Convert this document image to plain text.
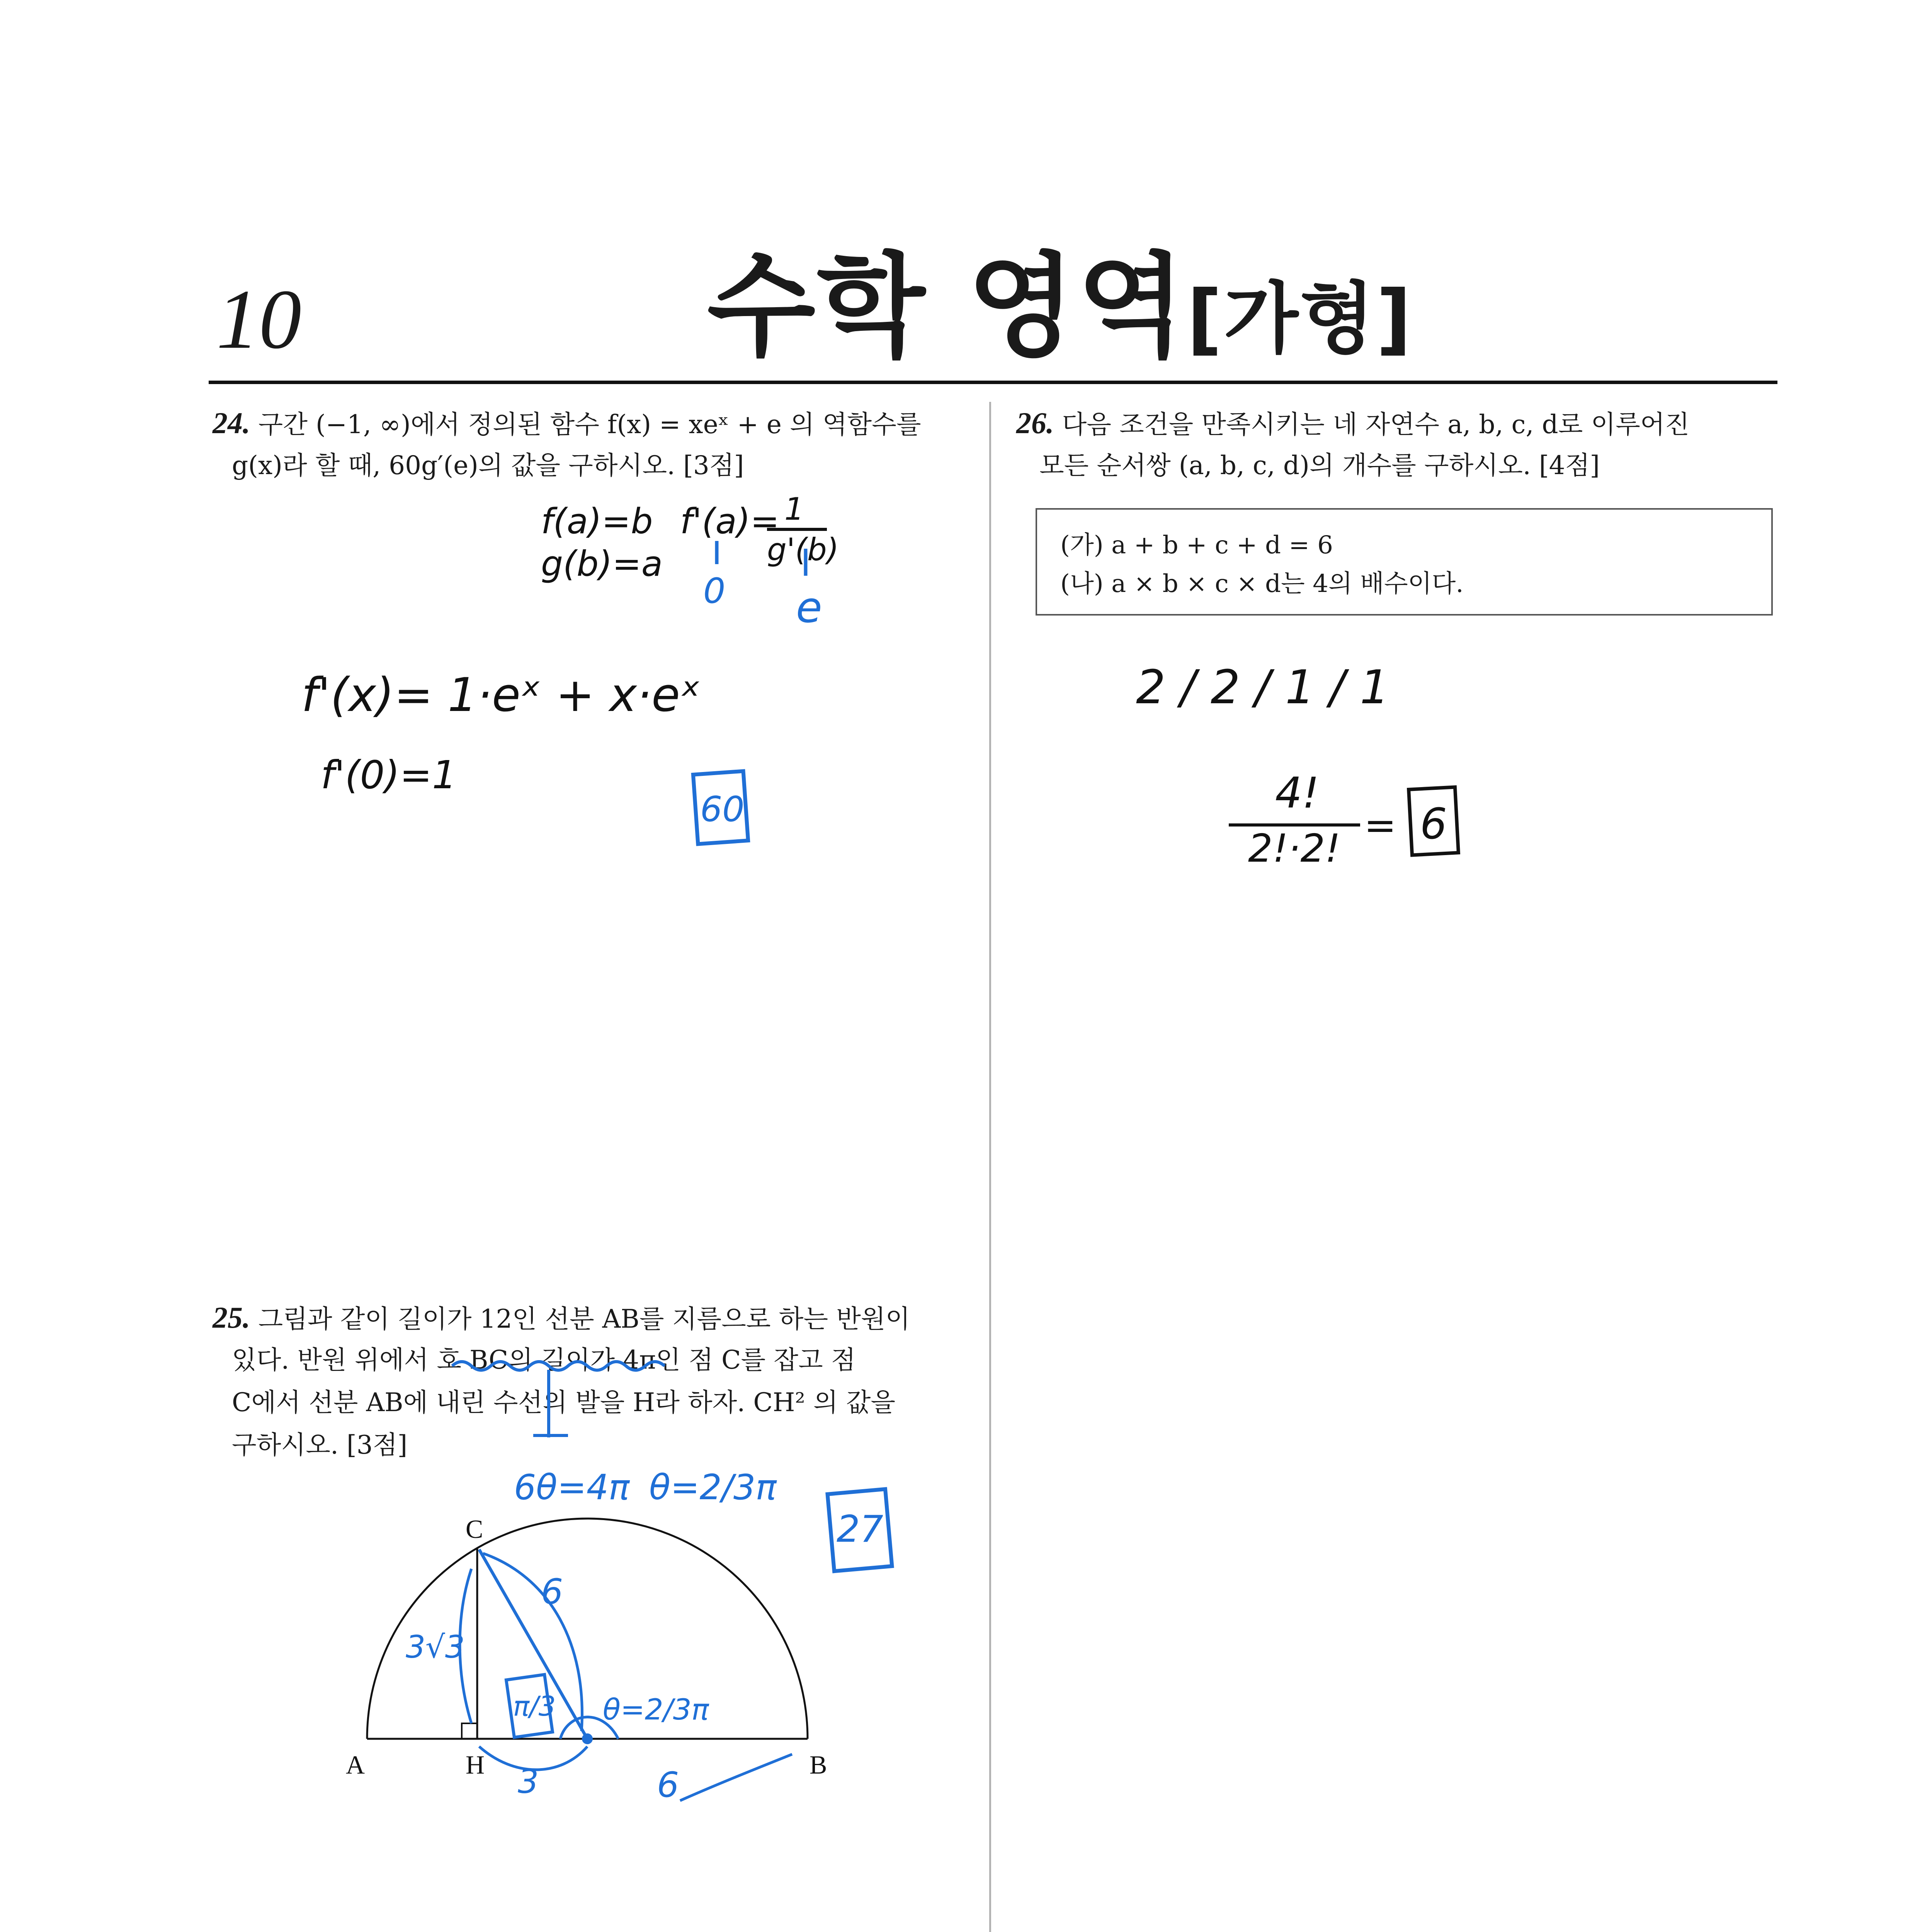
10	수학 영역[가형]
24. 구간 (−1, ∞)에서 정의된 함수 f(x) = xeˣ + e 의 역함수를
g(x)라 할 때, 60g′(e)의 값을 구하시오. [3점]
25. 그림과 같이 길이가 12인 선분 AB를 지름으로 하는 반원이
있다. 반원 위에서 호 BC의 길이가 4π인 점 C를 잡고 점
C에서 선분 AB에 내린 수선의 발을 H라 하자. CH² 의 값을
구하시오. [3점]
26. 다음 조건을 만족시키는 네 자연수 a, b, c, d로 이루어진
모든 순서쌍 (a, b, c, d)의 개수를 구하시오. [4점]
(가) a + b + c + d = 6
(나) a × b × c × d는 4의 배수이다.
f(a)=b
g(b)=a
f'(a)= 1
g'(b)
0 e
f'(x)= 1·eˣ + x·eˣ
f'(0)=1
60
6θ=4π θ=2/3π
27
A	H	B
C
6
3√3
π/3 θ=2/3π
3	6
2 / 2 / 1 / 1
4!
2!·2!
= 6
